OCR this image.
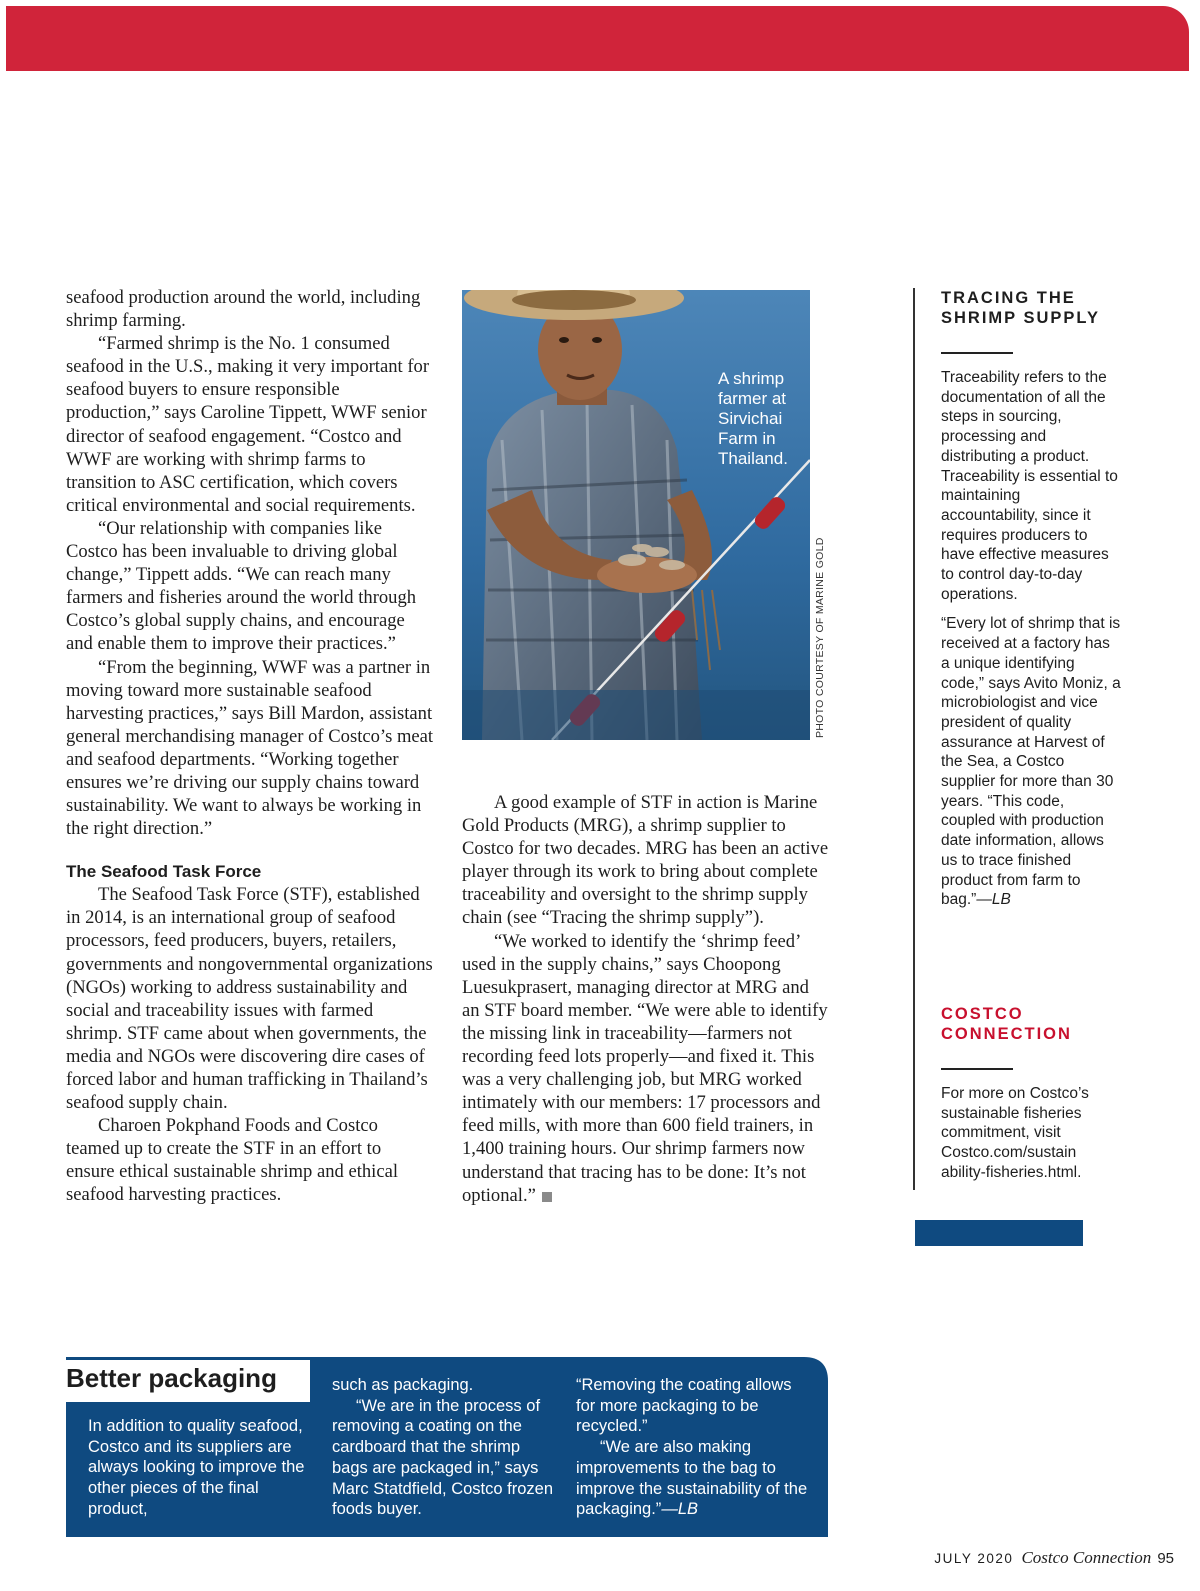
seafood production around the world, including shrimp farming.

“Farmed shrimp is the No. 1 consumed seafood in the U.S., making it very important for seafood buyers to ensure responsible production,” says Caroline Tippett, WWF senior director of seafood engagement. “Costco and WWF are working with shrimp farms to transition to ASC certification, which covers critical environmental and social requirements.

“Our relationship with companies like Costco has been invaluable to driving global change,” Tippett adds. “We can reach many farmers and fisheries around the world through Costco’s global supply chains, and encourage and enable them to improve their practices.”

“From the beginning, WWF was a partner in moving toward more sustainable seafood harvesting practices,” says Bill Mardon, assistant general merchandising manager of Costco’s meat and seafood departments. “Working together ensures we’re driving our supply chains toward sustainability. We want to always be working in the right direction.”

The Seafood Task Force

The Seafood Task Force (STF), established in 2014, is an international group of seafood processors, feed producers, buyers, retailers, governments and nongovernmental organizations (NGOs) working to address sustainability and social and traceability issues with farmed shrimp. STF came about when governments, the media and NGOs were discovering dire cases of forced labor and human trafficking in Thailand’s seafood supply chain.

Charoen Pokphand Foods and Costco teamed up to create the STF in an effort to ensure ethical sustainable shrimp and ethical seafood harvesting practices.

A shrimp farmer at Sirvichai Farm in Thailand.
PHOTO COURTESY OF MARINE GOLD

A good example of STF in action is Marine Gold Products (MRG), a shrimp supplier to Costco for two decades. MRG has been an active player through its work to bring about complete traceability and oversight to the shrimp supply chain (see “Tracing the shrimp supply”).

“We worked to identify the ‘shrimp feed’ used in the supply chains,” says Choopong Luesukprasert, managing director at MRG and an STF board member. “We were able to identify the missing link in traceability—farmers not recording feed lots properly—and fixed it. This was a very challenging job, but MRG worked intimately with our members: 17 processors and feed mills, with more than 600 field trainers, in 1,400 training hours. Our shrimp farmers now understand that tracing has to be done: It’s not optional.”

TRACING THE
SHRIMP SUPPLY

Traceability refers to the documentation of all the steps in sourcing, processing and distributing a product. Traceability is essential to maintaining accountability, since it requires producers to have effective measures to control day-to-day operations.

“Every lot of shrimp that is received at a factory has a unique identifying code,” says Avito Moniz, a microbiologist and vice president of quality assurance at Harvest of the Sea, a Costco supplier for more than 30 years. “This code, coupled with production date information, allows us to trace finished product from farm to bag.”—LB

COSTCO
CONNECTION

For more on Costco’s sustainable fisheries commitment, visit Costco.com/sustain ability-fisheries.html.

Better packaging

In addition to quality seafood, Costco and its suppliers are always looking to improve the other pieces of the final product,

such as packaging.

“We are in the process of removing a coating on the cardboard that the shrimp bags are packaged in,” says Marc Statdfield, Costco frozen foods buyer.

“Removing the coating allows for more packaging to be recycled.”

“We are also making improvements to the bag to improve the sustainability of the packaging.”—LB

JULY 2020 Costco Connection 95
